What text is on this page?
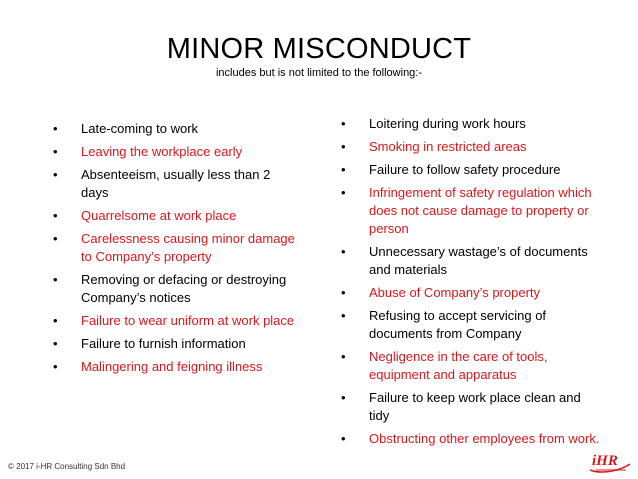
MINOR MISCONDUCT
includes but is not limited to the following:-
•	Late-coming to work
•	Leaving the workplace early
•	Absenteeism, usually less than 2 days
•	Quarrelsome at work place
•	Carelessness causing minor damage to Company’s property
•	Removing or defacing or destroying Company’s notices
•	Failure to wear uniform at work place
•	Failure to furnish information
•	Malingering and feigning illness
•	Loitering during work hours
•	Smoking in restricted areas
•	Failure to follow safety procedure
•	Infringement of safety regulation which does not cause damage to property or person
•	Unnecessary wastage’s of documents and materials
•	Abuse of Company’s property
•	Refusing to accept servicing of documents from Company
•	Negligence in the care of tools, equipment and apparatus
•	Failure to keep work place clean and tidy
•	Obstructing other employees from work.
© 2017 i-HR Consulting Sdn Bhd	iHR
